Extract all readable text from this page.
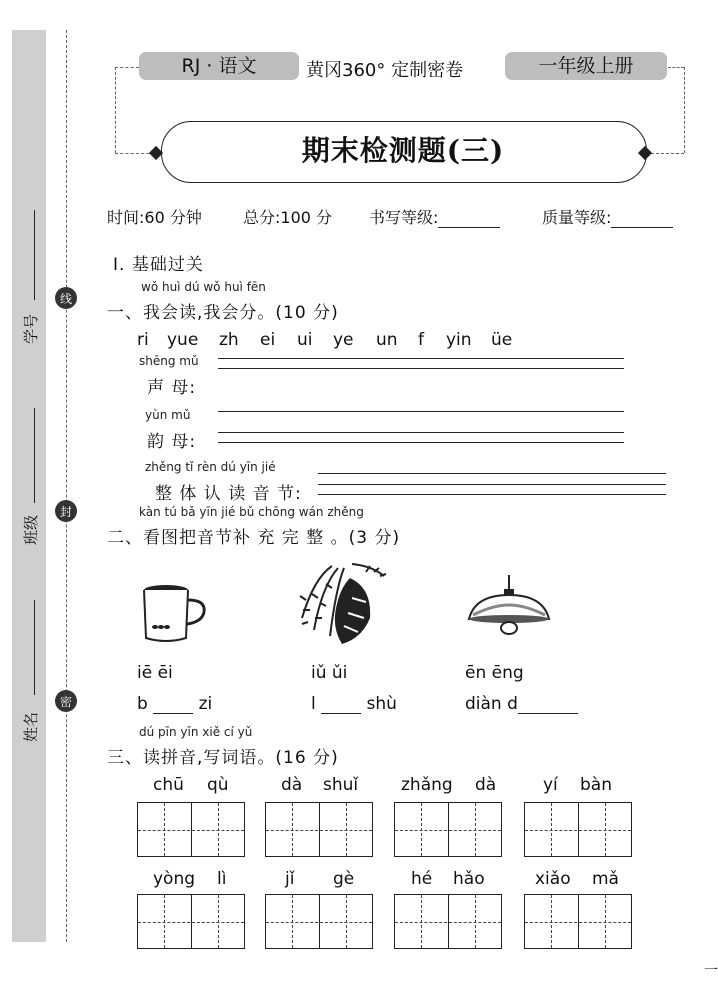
学号
班级
姓名
线
封
密
RJ · 语文	黄冈360° 定制密卷	一年级上册
期末检测题(三)
时间:60 分钟	总分:100 分 书写等级:	质量等级:
Ⅰ. 基础过关
wǒ huì dú wǒ huì fēn
一、我会读,我会分。(10 分)
ri yue zh ei ui ye un f yin üe
shēng mǔ
声 母:
yùn mǔ
韵 母:
zhěng tǐ rèn dú yīn jié
整 体 认 读 音 节:
kàn tú bǎ yīn jié bǔ chōng wán zhěng
二、看图把音节补 充 完 整 。(3 分)
iē ēi	iǔ ǔi	ēn ēng
b	zi	l	shù	diàn d
dú pīn yīn xiě cí yǔ
三、读拼音,写词语。(16 分)
chū qù	dà shuǐ	zhǎng dà	yí bàn
yòng lì	jǐ gè	hé hǎo	xiǎo mǎ
一
